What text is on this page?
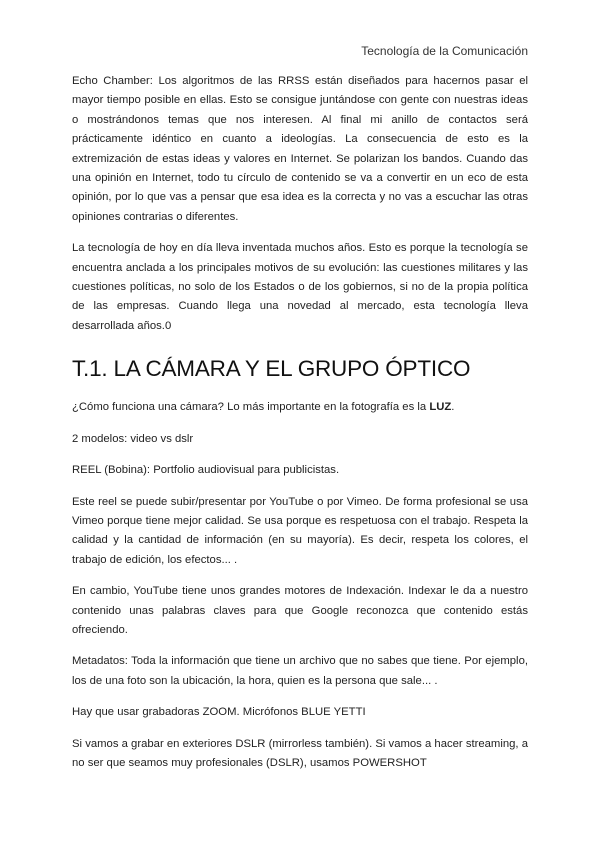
Tecnología de la Comunicación

Echo Chamber: Los algoritmos de las RRSS están diseñados para hacernos pasar el mayor tiempo posible en ellas. Esto se consigue juntándose con gente con nuestras ideas o mostrándonos temas que nos interesen. Al final mi anillo de contactos será prácticamente idéntico en cuanto a ideologías. La consecuencia de esto es la extremización de estas ideas y valores en Internet. Se polarizan los bandos. Cuando das una opinión en Internet, todo tu círculo de contenido se va a convertir en un eco de esta opinión, por lo que vas a pensar que esa idea es la correcta y no vas a escuchar las otras opiniones contrarias o diferentes.

La tecnología de hoy en día lleva inventada muchos años. Esto es porque la tecnología se encuentra anclada a los principales motivos de su evolución: las cuestiones militares y las cuestiones políticas, no solo de los Estados o de los gobiernos, si no de la propia política de las empresas. Cuando llega una novedad al mercado, esta tecnología lleva desarrollada años.0

T.1. LA CÁMARA Y EL GRUPO ÓPTICO

¿Cómo funciona una cámara? Lo más importante en la fotografía es la LUZ.

2 modelos: video vs dslr

REEL (Bobina): Portfolio audiovisual para publicistas.

Este reel se puede subir/presentar por YouTube o por Vimeo. De forma profesional se usa Vimeo porque tiene mejor calidad. Se usa porque es respetuosa con el trabajo. Respeta la calidad y la cantidad de información (en su mayoría). Es decir, respeta los colores, el trabajo de edición, los efectos... .

En cambio, YouTube tiene unos grandes motores de Indexación. Indexar le da a nuestro contenido unas palabras claves para que Google reconozca que contenido estás ofreciendo.

Metadatos: Toda la información que tiene un archivo que no sabes que tiene. Por ejemplo, los de una foto son la ubicación, la hora, quien es la persona que sale... .

Hay que usar grabadoras ZOOM. Micrófonos BLUE YETTI

Si vamos a grabar en exteriores DSLR (mirrorless también). Si vamos a hacer streaming, a no ser que seamos muy profesionales (DSLR), usamos POWERSHOT
